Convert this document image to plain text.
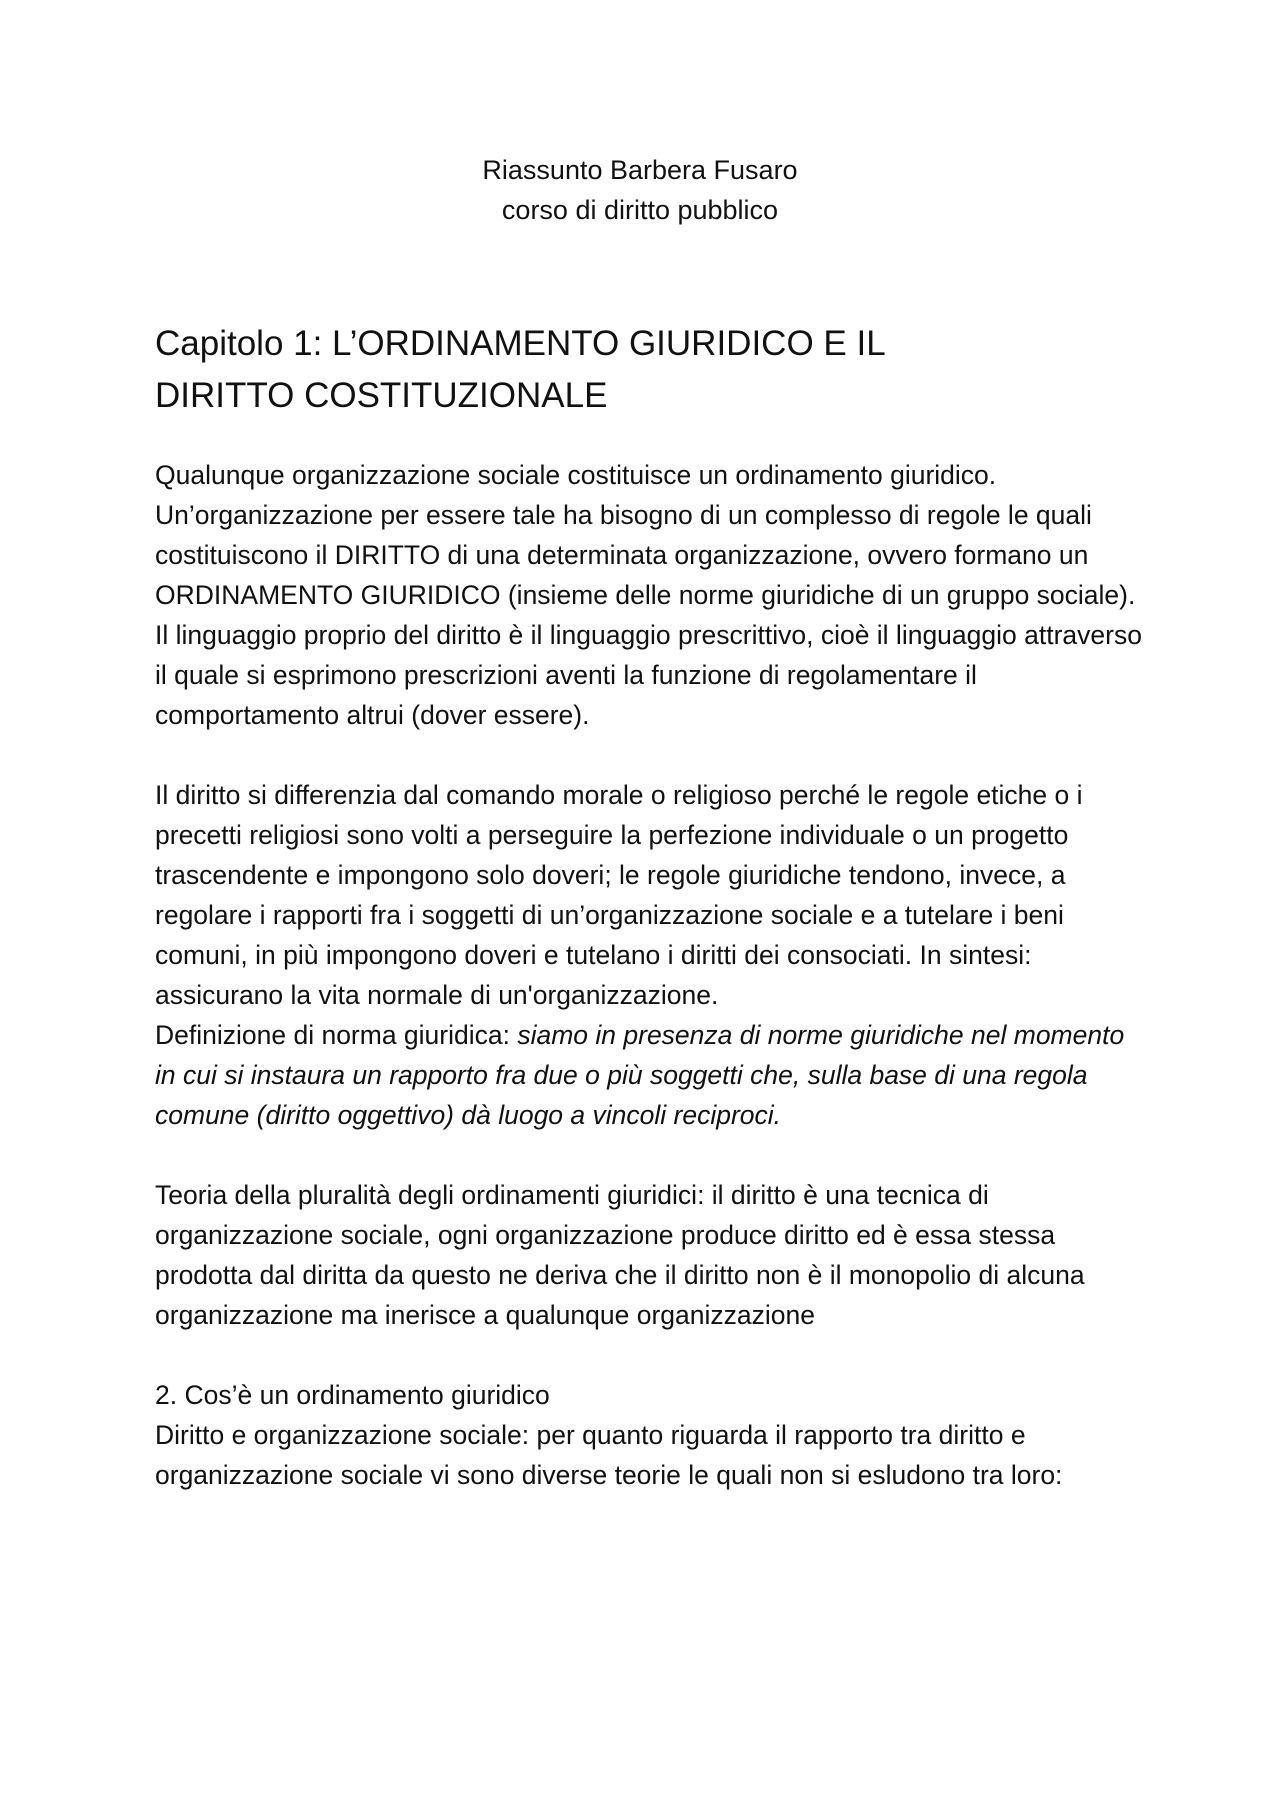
Riassunto Barbera Fusaro
corso di diritto pubblico
Capitolo 1: L’ORDINAMENTO GIURIDICO E IL
DIRITTO COSTITUZIONALE

Qualunque organizzazione sociale costituisce un ordinamento giuridico. Un’organizzazione per essere tale ha bisogno di un complesso di regole le quali costituiscono il DIRITTO di una determinata organizzazione, ovvero formano un ORDINAMENTO GIURIDICO (insieme delle norme giuridiche di un gruppo sociale).

Il linguaggio proprio del diritto è il linguaggio prescrittivo, cioè il linguaggio attraverso il quale si esprimono prescrizioni aventi la funzione di regolamentare il comportamento altrui (dover essere).

Il diritto si differenzia dal comando morale o religioso perché le regole etiche o i precetti religiosi sono volti a perseguire la perfezione individuale o un progetto trascendente e impongono solo doveri; le regole giuridiche tendono, invece, a regolare i rapporti fra i soggetti di un’organizzazione sociale e a tutelare i beni comuni, in più impongono doveri e tutelano i diritti dei consociati. In sintesi: assicurano la vita normale di un'organizzazione.

Definizione di norma giuridica: siamo in presenza di norme giuridiche nel momento in cui si instaura un rapporto fra due o più soggetti che, sulla base di una regola comune (diritto oggettivo) dà luogo a vincoli reciproci.

Teoria della pluralità degli ordinamenti giuridici: il diritto è una tecnica di organizzazione sociale, ogni organizzazione produce diritto ed è essa stessa prodotta dal diritta da questo ne deriva che il diritto non è il monopolio di alcuna organizzazione ma inerisce a qualunque organizzazione

2. Cos’è un ordinamento giuridico

Diritto e organizzazione sociale: per quanto riguarda il rapporto tra diritto e organizzazione sociale vi sono diverse teorie le quali non si esludono tra loro:
